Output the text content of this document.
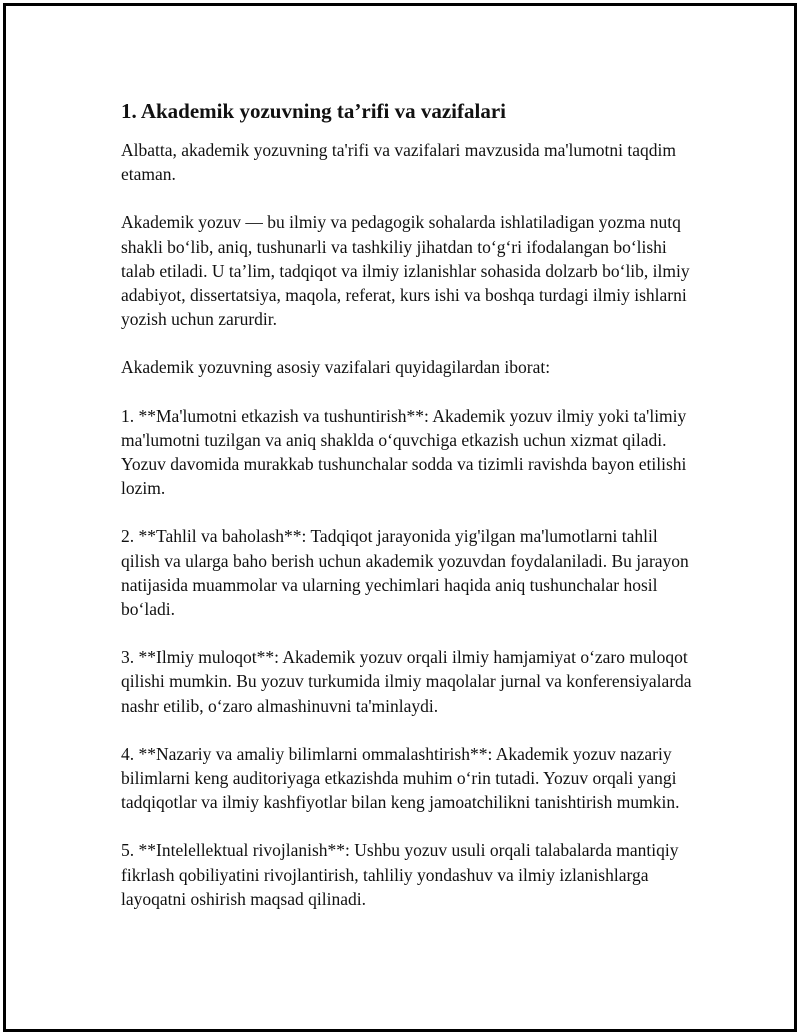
1. Akademik yozuvning ta’rifi va vazifalari

Albatta, akademik yozuvning ta'rifi va vazifalari mavzusida ma'lumotni taqdim etaman.

Akademik yozuv — bu ilmiy va pedagogik sohalarda ishlatiladigan yozma nutq shakli bo‘lib, aniq, tushunarli va tashkiliy jihatdan to‘g‘ri ifodalangan bo‘lishi talab etiladi. U ta’lim, tadqiqot va ilmiy izlanishlar sohasida dolzarb bo‘lib, ilmiy adabiyot, dissertatsiya, maqola, referat, kurs ishi va boshqa turdagi ilmiy ishlarni yozish uchun zarurdir.

Akademik yozuvning asosiy vazifalari quyidagilardan iborat:

1. **Ma'lumotni etkazish va tushuntirish**: Akademik yozuv ilmiy yoki ta'limiy ma'lumotni tuzilgan va aniq shaklda o‘quvchiga etkazish uchun xizmat qiladi. Yozuv davomida murakkab tushunchalar sodda va tizimli ravishda bayon etilishi lozim.

2. **Tahlil va baholash**: Tadqiqot jarayonida yig'ilgan ma'lumotlarni tahlil qilish va ularga baho berish uchun akademik yozuvdan foydalaniladi. Bu jarayon natijasida muammolar va ularning yechimlari haqida aniq tushunchalar hosil bo‘ladi.

3. **Ilmiy muloqot**: Akademik yozuv orqali ilmiy hamjamiyat o‘zaro muloqot qilishi mumkin. Bu yozuv turkumida ilmiy maqolalar jurnal va konferensiyalarda nashr etilib, o‘zaro almashinuvni ta'minlaydi.

4. **Nazariy va amaliy bilimlarni ommalashtirish**: Akademik yozuv nazariy bilimlarni keng auditoriyaga etkazishda muhim o‘rin tutadi. Yozuv orqali yangi tadqiqotlar va ilmiy kashfiyotlar bilan keng jamoatchilikni tanishtirish mumkin.

5. **Intelellektual rivojlanish**: Ushbu yozuv usuli orqali talabalarda mantiqiy fikrlash qobiliyatini rivojlantirish, tahliliy yondashuv va ilmiy izlanishlarga layoqatni oshirish maqsad qilinadi.
